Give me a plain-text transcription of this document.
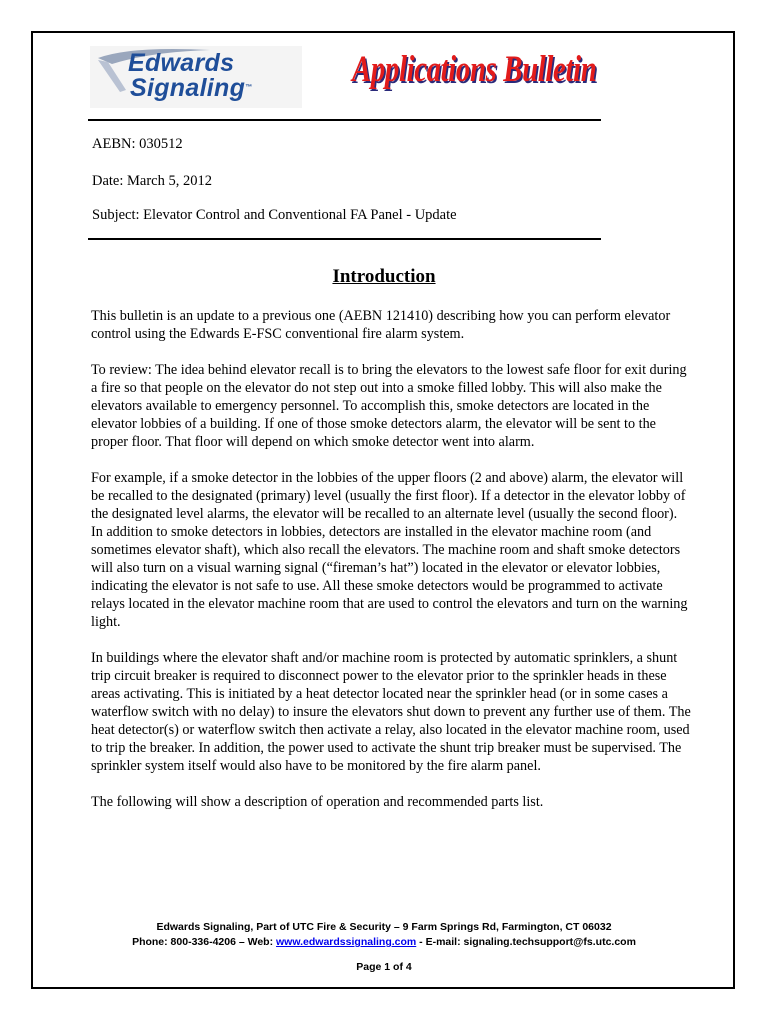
Edwards
Signaling™	Applications Bulletin
AEBN: 030512
Date: March 5, 2012
Subject: Elevator Control and Conventional FA Panel - Update
Introduction

This bulletin is an update to a previous one (AEBN 121410) describing how you can perform elevator control using the Edwards E-FSC conventional fire alarm system.

To review: The idea behind elevator recall is to bring the elevators to the lowest safe floor for exit during a fire so that people on the elevator do not step out into a smoke filled lobby. This will also make the elevators available to emergency personnel. To accomplish this, smoke detectors are located in the elevator lobbies of a building. If one of those smoke detectors alarm, the elevator will be sent to the proper floor. That floor will depend on which smoke detector went into alarm.

For example, if a smoke detector in the lobbies of the upper floors (2 and above) alarm, the elevator will be recalled to the designated (primary) level (usually the first floor). If a detector in the elevator lobby of the designated level alarms, the elevator will be recalled to an alternate level (usually the second floor). In addition to smoke detectors in lobbies, detectors are installed in the elevator machine room (and sometimes elevator shaft), which also recall the elevators. The machine room and shaft smoke detectors will also turn on a visual warning signal (“fireman’s hat”) located in the elevator or elevator lobbies, indicating the elevator is not safe to use. All these smoke detectors would be programmed to activate relays located in the elevator machine room that are used to control the elevators and turn on the warning light.

In buildings where the elevator shaft and/or machine room is protected by automatic sprinklers, a shunt trip circuit breaker is required to disconnect power to the elevator prior to the sprinkler heads in these areas activating. This is initiated by a heat detector located near the sprinkler head (or in some cases a waterflow switch with no delay) to insure the elevators shut down to prevent any further use of them. The heat detector(s) or waterflow switch then activate a relay, also located in the elevator machine room, used to trip the breaker. In addition, the power used to activate the shunt trip breaker must be supervised. The sprinkler system itself would also have to be monitored by the fire alarm panel.

The following will show a description of operation and recommended parts list.

Edwards Signaling, Part of UTC Fire & Security – 9 Farm Springs Rd, Farmington, CT 06032
Phone: 800-336-4206 – Web: www.edwardssignaling.com - E-mail: signaling.techsupport@fs.utc.com
Page 1 of 4
